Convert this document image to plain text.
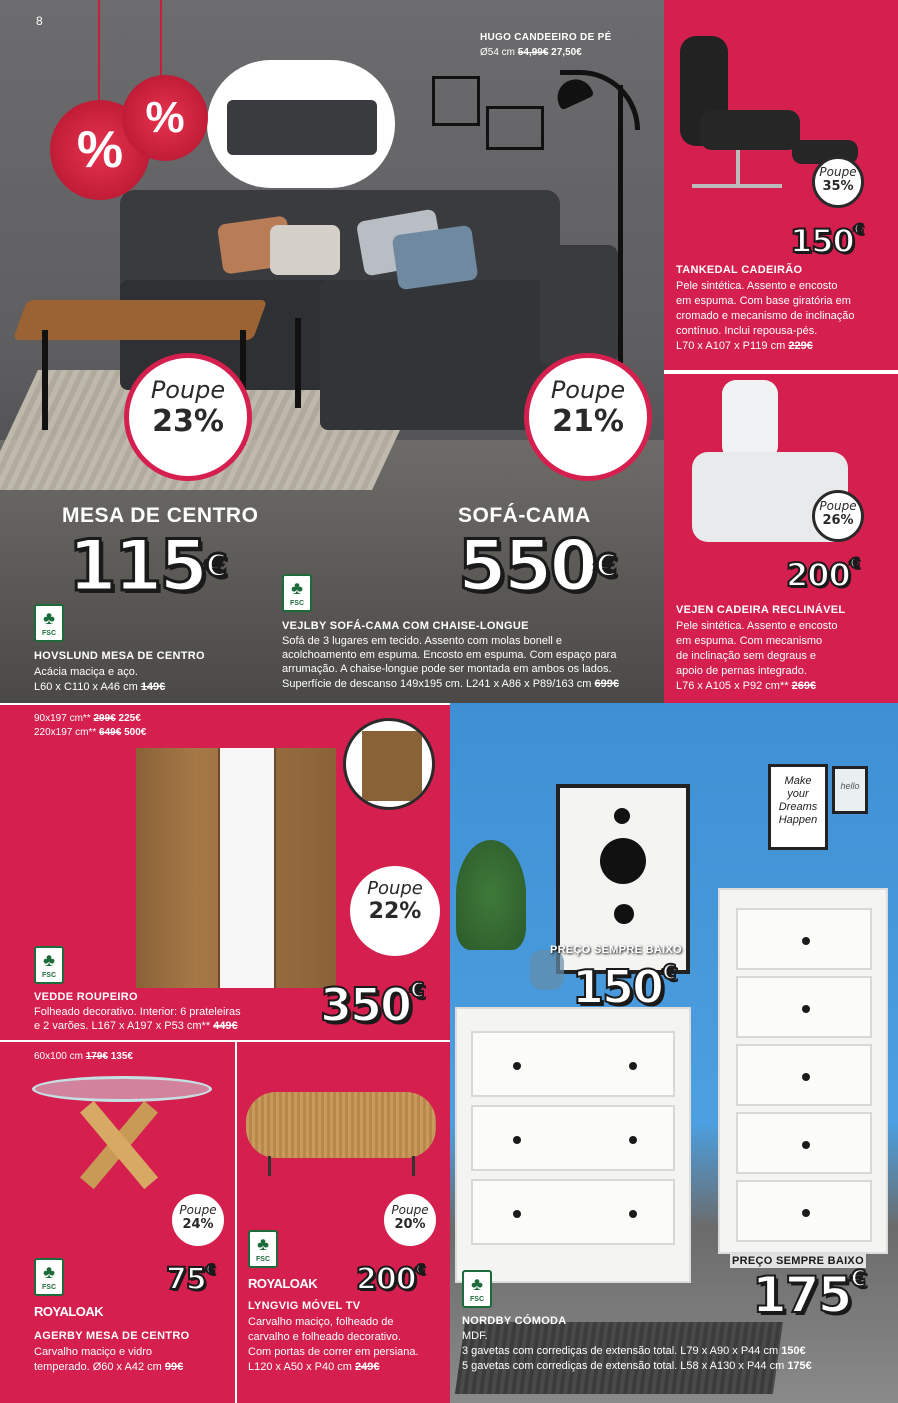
8
%
%
HUGO CANDEEIRO DE PÉ
Ø54 cm 54,99€ 27,50€
Poupe
23%
MESA DE CENTRO
115€
♣ FSC
HOVSLUND MESA DE CENTRO
Acácia maciça e aço.
L60 x C110 x A46 cm 149€
Poupe
21%
SOFÁ-CAMA
550€
♣ FSC
VEJLBY SOFÁ-CAMA COM CHAISE-LONGUE
Sofá de 3 lugares em tecido. Assento com molas bonell e
acolchoamento em espuma. Encosto em espuma. Com espaço para
arrumação. A chaise-longue pode ser montada em ambos os lados.
Superfície de descanso 149x195 cm. L241 x A86 x P89/163 cm 699€
Poupe
35%
150€
TANKEDAL CADEIRÃO
Pele sintética. Assento e encosto
em espuma. Com base giratória em
cromado e mecanismo de inclinação
contínuo. Inclui repousa-pés.
L70 x A107 x P119 cm 229€
Poupe
26%
200€
VEJEN CADEIRA RECLINÁVEL
Pele sintética. Assento e encosto
em espuma. Com mecanismo
de inclinação sem degraus e
apoio de pernas integrado.
L76 x A105 x P92 cm** 269€
90x197 cm** 299€ 225€
220x197 cm** 649€ 500€
Poupe
22%
350€
♣ FSC
VEDDE ROUPEIRO
Folheado decorativo. Interior: 6 prateleiras
e 2 varões. L167 x A197 x P53 cm** 449€
60x100 cm 179€ 135€
Poupe
24%
75€
♣ FSC
ROYALOAK
AGERBY MESA DE CENTRO
Carvalho maciço e vidro
temperado. Ø60 x A42 cm 99€
Poupe
20%
200€
♣ FSC
ROYALOAK
LYNGVIG MÓVEL TV
Carvalho maciço, folheado de
carvalho e folheado decorativo.
Com portas de correr em persiana.
L120 x A50 x P40 cm 249€
Make your Dreams Happen
hello
PREÇO SEMPRE BAIXO
150€
PREÇO SEMPRE BAIXO
175€
♣ FSC
NORDBY CÓMODA
MDF.
3 gavetas com corrediças de extensão total. L79 x A90 x P44 cm 150€
5 gavetas com corrediças de extensão total. L58 x A130 x P44 cm 175€
